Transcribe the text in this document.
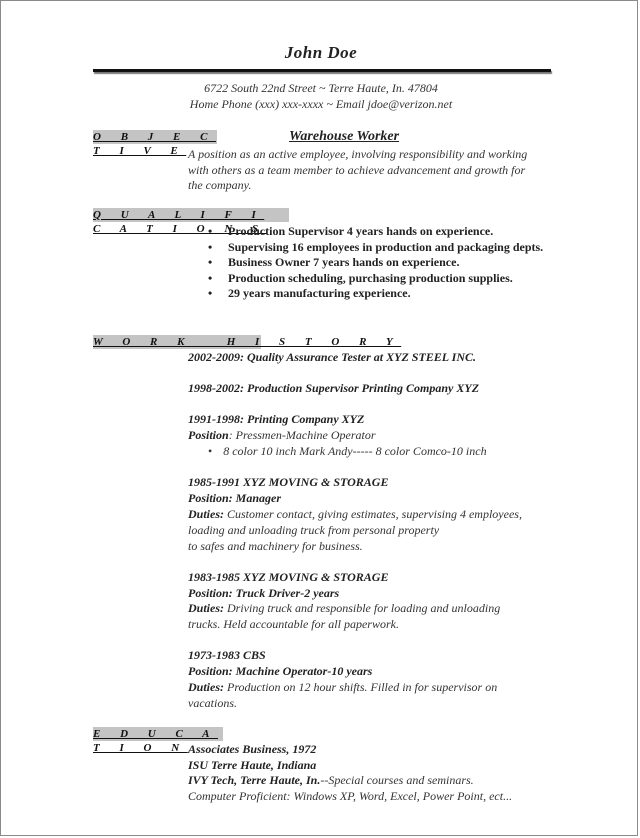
John Doe
6722 South 22nd Street ~ Terre Haute, In. 47804
Home Phone (xxx) xxx-xxxx ~ Email jdoe@verizon.net
O B J E C T I V E
Warehouse Worker
A position as an active employee, involving responsibility and working
with others as a team member to achieve advancement and growth for
the company.
Q U A L I F I C A T I O N S
• Production Supervisor 4 years hands on experience.
• Supervising 16 employees in production and packaging depts.
• Business Owner 7 years hands on experience.
• Production scheduling, purchasing production supplies.
• 29 years manufacturing experience.
W O R K   H I S T O R Y
2002-2009: Quality Assurance Tester at XYZ STEEL INC.
1998-2002: Production Supervisor Printing Company XYZ
1991-1998: Printing Company XYZ
Position: Pressmen-Machine Operator
• 8 color 10 inch Mark Andy----- 8 color Comco-10 inch
1985-1991 XYZ MOVING & STORAGE
Position: Manager
Duties: Customer contact, giving estimates, supervising 4 employees,
loading and unloading truck from personal property
to safes and machinery for business.
1983-1985 XYZ MOVING & STORAGE
Position: Truck Driver-2 years
Duties: Driving truck and responsible for loading and unloading
trucks. Held accountable for all paperwork.
1973-1983 CBS
Position: Machine Operator-10 years
Duties: Production on 12 hour shifts. Filled in for supervisor on
vacations.
E D U C A T I O N Associates Business, 1972
ISU Terre Haute, Indiana
IVY Tech, Terre Haute, In.--Special courses and seminars.
Computer Proficient: Windows XP, Word, Excel, Power Point, ect...
